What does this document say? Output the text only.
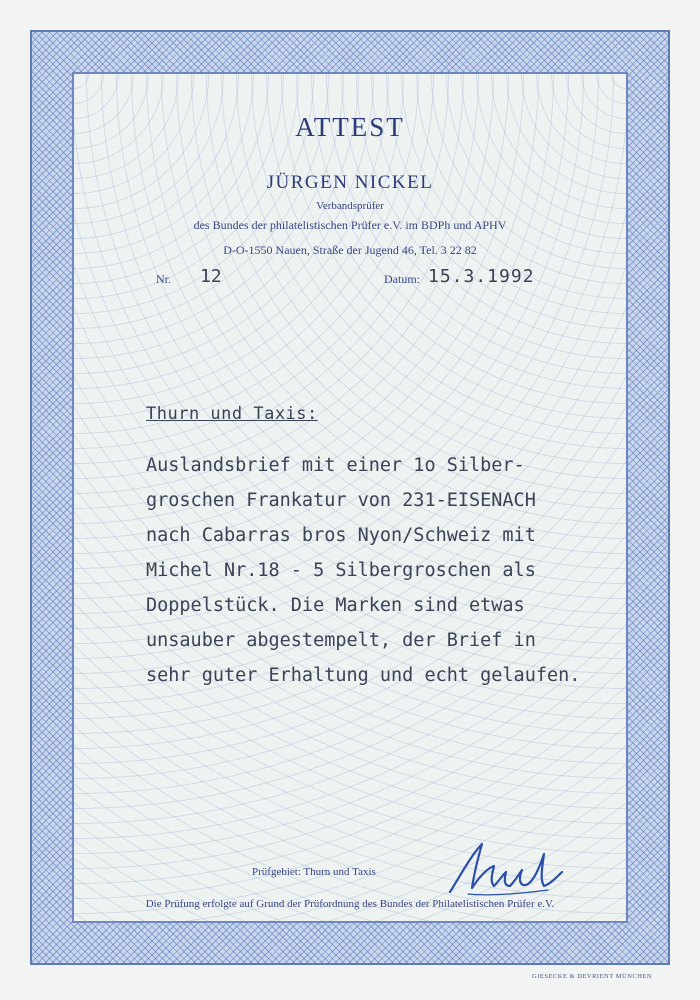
ATTEST
JÜRGEN NICKEL
Verbandsprüfer
des Bundes der philatelistischen Prüfer e.V. im BDPh und APHV
D-O-1550 Nauen, Straße der Jugend 46, Tel. 3 22 82
Nr. 12	Datum: 15.3.1992
Thurn und Taxis:
Auslandsbrief mit einer 1o Silber-
groschen Frankatur von 231-EISENACH
nach Cabarras bros Nyon/Schweiz mit
Michel Nr.18 - 5 Silbergroschen als
Doppelstück. Die Marken sind etwas
unsauber abgestempelt, der Brief in
sehr guter Erhaltung und echt gelaufen.
Prüfgebiet: Thurn und Taxis
Die Prüfung erfolgte auf Grund der Prüfordnung des Bundes der Philatelistischen Prüfer e.V.
GIESECKE & DEVRIENT MÜNCHEN
